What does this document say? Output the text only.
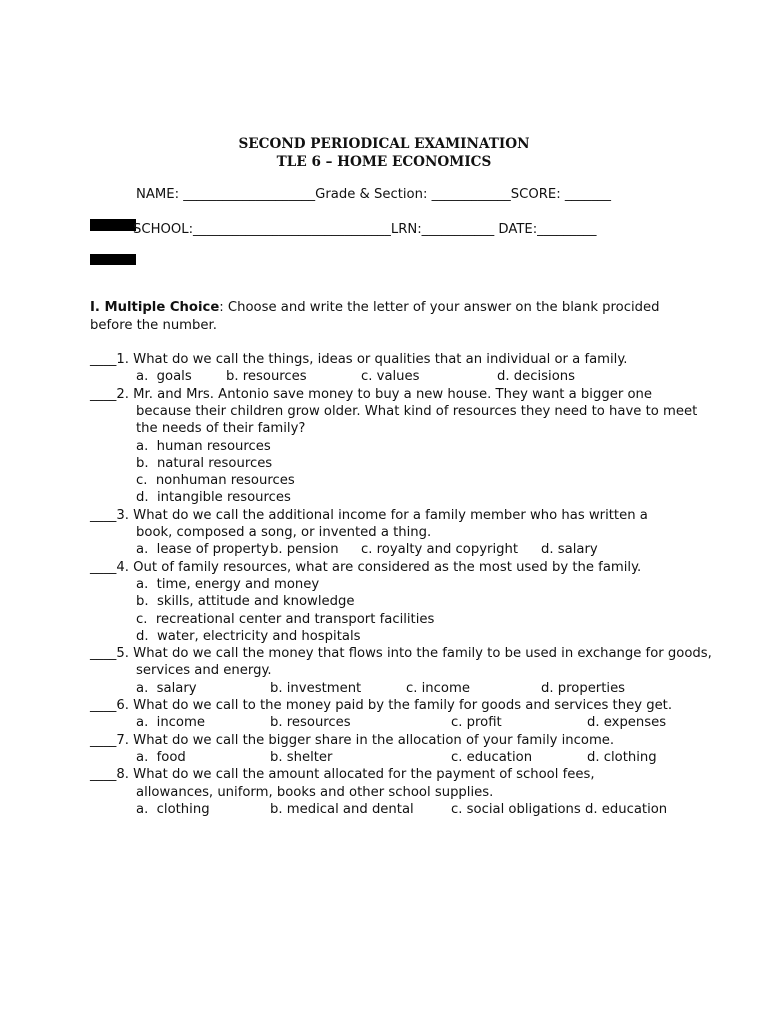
SECOND PERIODICAL EXAMINATION
TLE 6 – HOME ECONOMICS
NAME: ____________________Grade & Section: ____________SCORE: _______
SCHOOL:______________________________LRN:___________ DATE:_________
I. Multiple Choice: Choose and write the letter of your answer on the blank procided
before the number.
____1. What do we call the things, ideas or qualities that an individual or a family.
a.  goals	b. resources	c. values	d. decisions
____2. Mr. and Mrs. Antonio save money to buy a new house. They want a bigger one
because their children grow older. What kind of resources they need to have to meet
the needs of their family?
a.  human resources
b.  natural resources
c.  nonhuman resources
d.  intangible resources
____3. What do we call the additional income for a family member who has written a
book, composed a song, or invented a thing.
a.  lease of property b. pension c. royalty and copyright d. salary
____4. Out of family resources, what are considered as the most used by the family.
a.  time, energy and money
b.  skills, attitude and knowledge
c.  recreational center and transport facilities
d.  water, electricity and hospitals
____5. What do we call the money that flows into the family to be used in exchange for goods,
services and energy.
a.  salary	b. investment	c. income	d. properties
____6. What do we call to the money paid by the family for goods and services they get.
a.  income	b. resources	c. profit	d. expenses
____7. What do we call the bigger share in the allocation of your family income.
a.  food	b. shelter	c. education	d. clothing
____8. What do we call the amount allocated for the payment of school fees,
allowances, uniform, books and other school supplies.
a.  clothing	b. medical and dental	c. social obligations d. education
